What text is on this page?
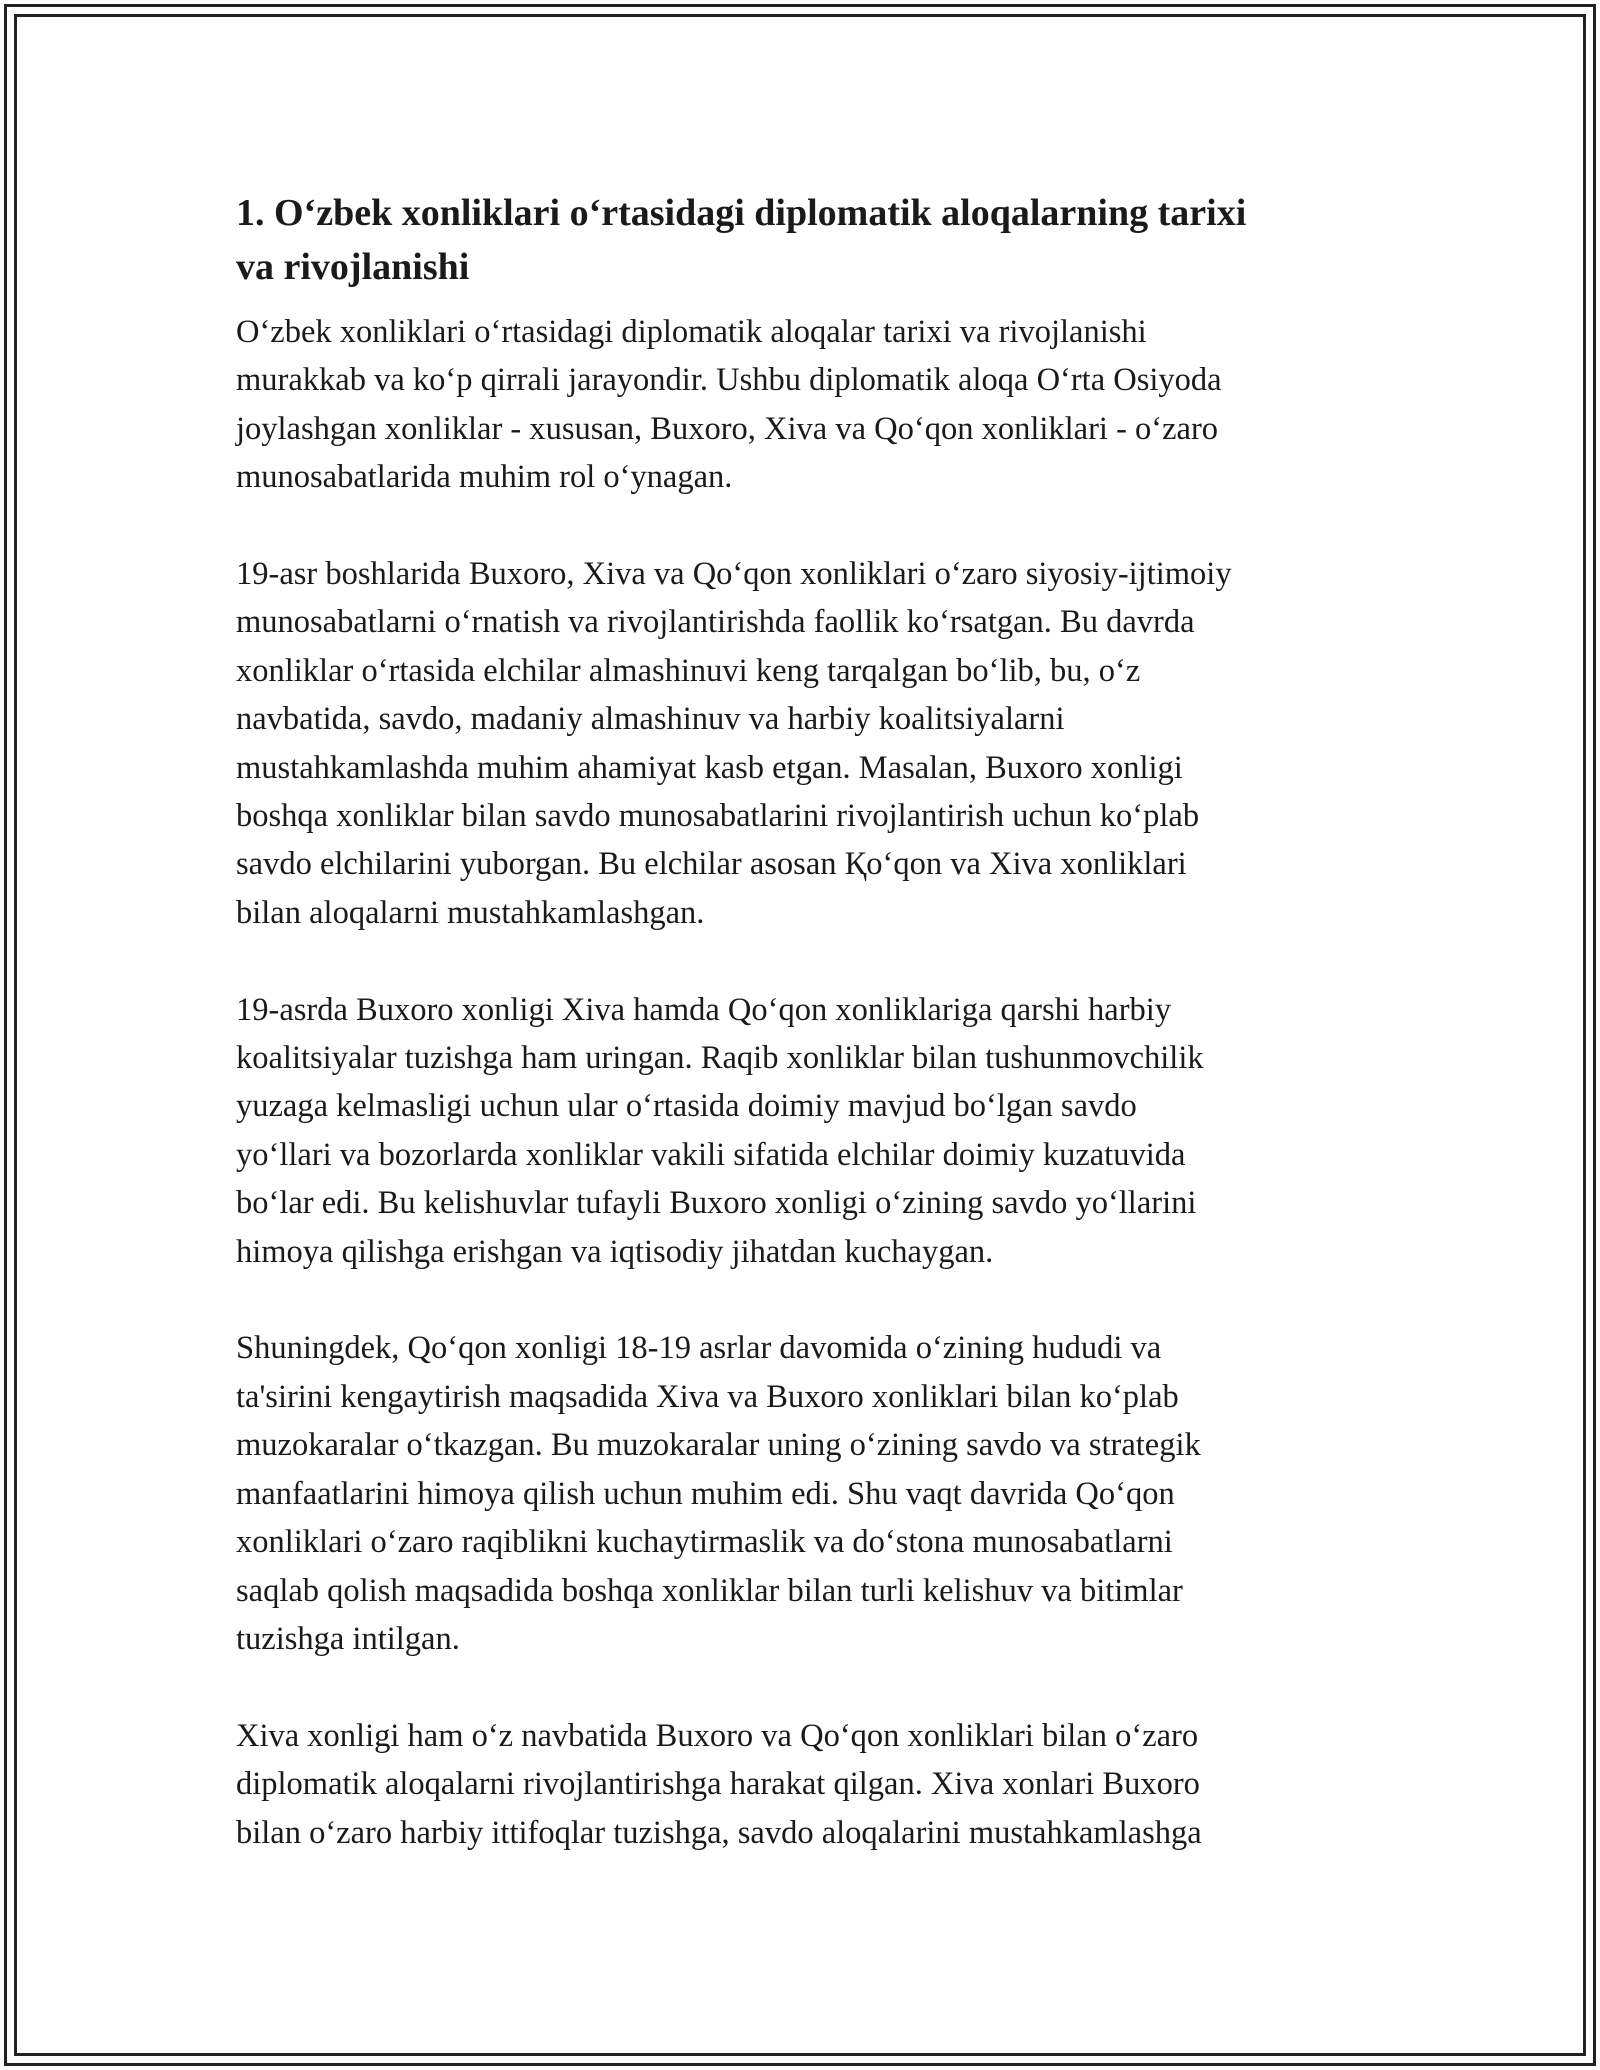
1. O‘zbek xonliklari o‘rtasidagi diplomatik aloqalarning tarixi
va rivojlanishi

O‘zbek xonliklari o‘rtasidagi diplomatik aloqalar tarixi va rivojlanishi
murakkab va ko‘p qirrali jarayondir. Ushbu diplomatik aloqa O‘rta Osiyoda
joylashgan xonliklar - xususan, Buxoro, Xiva va Qo‘qon xonliklari - o‘zaro
munosabatlarida muhim rol o‘ynagan.

19-asr boshlarida Buxoro, Xiva va Qo‘qon xonliklari o‘zaro siyosiy-ijtimoiy
munosabatlarni o‘rnatish va rivojlantirishda faollik ko‘rsatgan. Bu davrda
xonliklar o‘rtasida elchilar almashinuvi keng tarqalgan bo‘lib, bu, o‘z
navbatida, savdo, madaniy almashinuv va harbiy koalitsiyalarni
mustahkamlashda muhim ahamiyat kasb etgan. Masalan, Buxoro xonligi
boshqa xonliklar bilan savdo munosabatlarini rivojlantirish uchun ko‘plab
savdo elchilarini yuborgan. Bu elchilar asosan Қo‘qon va Xiva xonliklari
bilan aloqalarni mustahkamlashgan.

19-asrda Buxoro xonligi Xiva hamda Qo‘qon xonliklariga qarshi harbiy
koalitsiyalar tuzishga ham uringan. Raqib xonliklar bilan tushunmovchilik
yuzaga kelmasligi uchun ular o‘rtasida doimiy mavjud bo‘lgan savdo
yo‘llari va bozorlarda xonliklar vakili sifatida elchilar doimiy kuzatuvida
bo‘lar edi. Bu kelishuvlar tufayli Buxoro xonligi o‘zining savdo yo‘llarini
himoya qilishga erishgan va iqtisodiy jihatdan kuchaygan.

Shuningdek, Qo‘qon xonligi 18-19 asrlar davomida o‘zining hududi va
ta'sirini kengaytirish maqsadida Xiva va Buxoro xonliklari bilan ko‘plab
muzokaralar o‘tkazgan. Bu muzokaralar uning o‘zining savdo va strategik
manfaatlarini himoya qilish uchun muhim edi. Shu vaqt davrida Qo‘qon
xonliklari o‘zaro raqiblikni kuchaytirmaslik va do‘stona munosabatlarni
saqlab qolish maqsadida boshqa xonliklar bilan turli kelishuv va bitimlar
tuzishga intilgan.

Xiva xonligi ham o‘z navbatida Buxoro va Qo‘qon xonliklari bilan o‘zaro
diplomatik aloqalarni rivojlantirishga harakat qilgan. Xiva xonlari Buxoro
bilan o‘zaro harbiy ittifoqlar tuzishga, savdo aloqalarini mustahkamlashga
